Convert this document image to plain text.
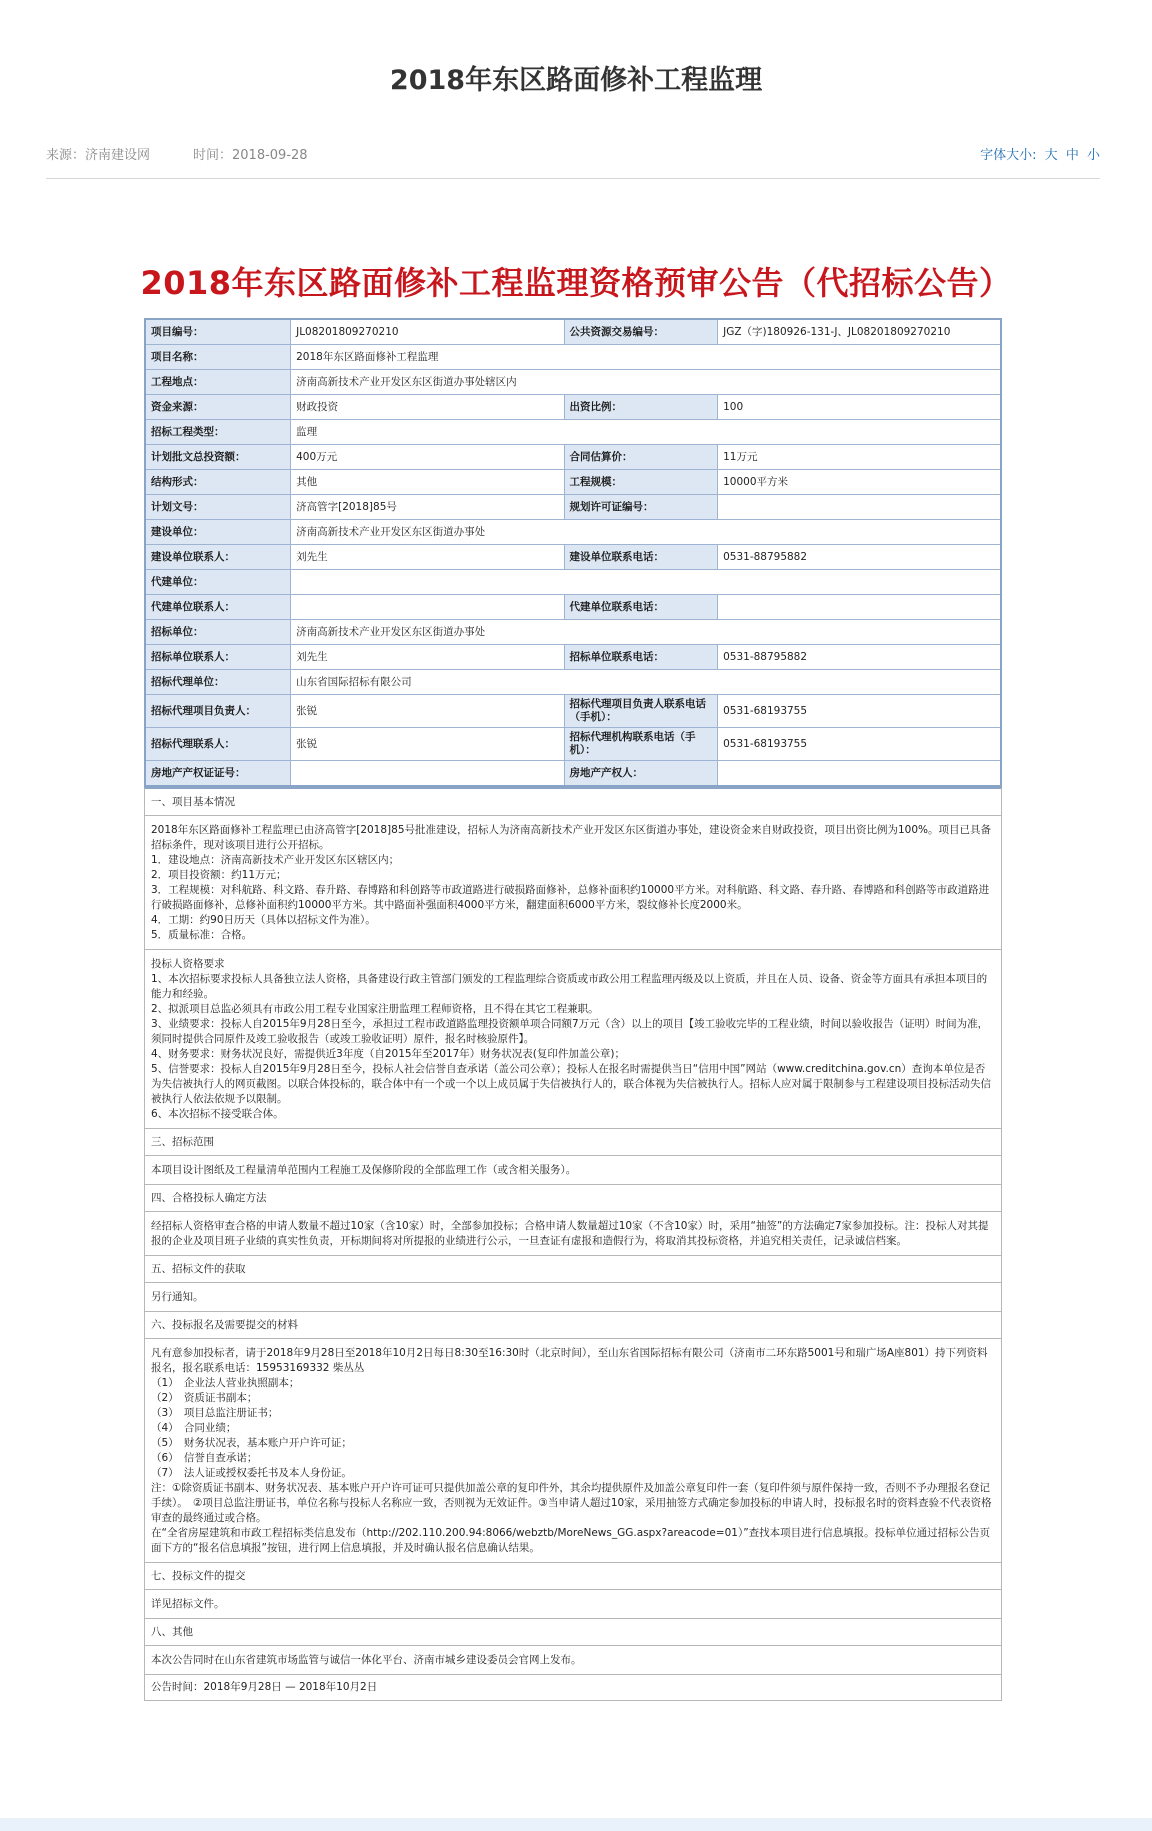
2018年东区路面修补工程监理
来源：济南建设网	时间：2018-09-28	字体大小: 大 中 小
2018年东区路面修补工程监理资格预审公告（代招标公告）
项目编号：	JL08201809270210	公共资源交易编号：	JGZ（字)180926-131-J、JL08201809270210
项目名称：	2018年东区路面修补工程监理		
工程地点：	济南高新技术产业开发区东区街道办事处辖区内		
资金来源：	财政投资	出资比例：	100
招标工程类型：	监理		
计划批文总投资额：	400万元	合同估算价：	11万元
结构形式：	其他	工程规模：	10000平方米
计划文号：	济高管字[2018]85号	规划许可证编号：	
建设单位：	济南高新技术产业开发区东区街道办事处		
建设单位联系人：	刘先生	建设单位联系电话：	0531-88795882
代建单位：			
代建单位联系人：		代建单位联系电话：	
招标单位：	济南高新技术产业开发区东区街道办事处		
招标单位联系人：	刘先生	招标单位联系电话：	0531-88795882
招标代理单位：	山东省国际招标有限公司		
招标代理项目负责人：	张锐	招标代理项目负责人联系电话（手机）：	0531-68193755
招标代理联系人：	张锐	招标代理机构联系电话（手机）：	0531-68193755
房地产产权证证号：		房地产产权人：	
一、项目基本情况

2018年东区路面修补工程监理已由济高管字[2018]85号批准建设，招标人为济南高新技术产业开发区东区街道办事处，建设资金来自财政投资，项目出资比例为100%。项目已具备招标条件，现对该项目进行公开招标。

1．建设地点：济南高新技术产业开发区东区辖区内；

2．项目投资额：约11万元；

3．工程规模：对科航路、科文路、春升路、春博路和科创路等市政道路进行破损路面修补，总修补面积约10000平方米。对科航路、科文路、春升路、春博路和科创路等市政道路进行破损路面修补，总修补面积约10000平方米。其中路面补强面积4000平方米，翻建面积6000平方米，裂纹修补长度2000米。

4．工期：约90日历天（具体以招标文件为准）。

5．质量标准：合格。

投标人资格要求

1、本次招标要求投标人具备独立法人资格，具备建设行政主管部门颁发的工程监理综合资质或市政公用工程监理丙级及以上资质，并且在人员、设备、资金等方面具有承担本项目的能力和经验。

2、拟派项目总监必须具有市政公用工程专业国家注册监理工程师资格，且不得在其它工程兼职。

3、业绩要求：投标人自2015年9月28日至今，承担过工程市政道路监理投资额单项合同额7万元（含）以上的项目【竣工验收完毕的工程业绩，时间以验收报告（证明）时间为准，须同时提供合同原件及竣工验收报告（或竣工验收证明）原件，报名时核验原件】。

4、财务要求：财务状况良好，需提供近3年度（自2015年至2017年）财务状况表(复印件加盖公章)；

5、信誉要求：投标人自2015年9月28日至今，投标人社会信誉自查承诺（盖公司公章）；投标人在报名时需提供当日“信用中国”网站（www.creditchina.gov.cn）查询本单位是否为失信被执行人的网页截图。以联合体投标的，联合体中有一个或一个以上成员属于失信被执行人的，联合体视为失信被执行人。招标人应对属于限制参与工程建设项目投标活动失信被执行人依法依规予以限制。

6、本次招标不接受联合体。

三、招标范围

本项目设计图纸及工程量清单范围内工程施工及保修阶段的全部监理工作（或含相关服务）。

四、合格投标人确定方法

经招标人资格审查合格的申请人数量不超过10家（含10家）时，全部参加投标；合格申请人数量超过10家（不含10家）时，采用“抽签”的方法确定7家参加投标。注：投标人对其提报的企业及项目班子业绩的真实性负责，开标期间将对所提报的业绩进行公示，一旦查证有虚报和造假行为，将取消其投标资格，并追究相关责任，记录诚信档案。

五、招标文件的获取

另行通知。

六、投标报名及需要提交的材料

凡有意参加投标者，请于2018年9月28日至2018年10月2日每日8:30至16:30时（北京时间），至山东省国际招标有限公司（济南市二环东路5001号和瑞广场A座801）持下列资料报名，报名联系电话：15953169332 柴丛丛

（1）　企业法人营业执照副本；

（2）　资质证书副本；

（3）　项目总监注册证书；

（4）　合同业绩；

（5）　财务状况表，基本账户开户许可证；

（6）　信誉自查承诺；

（7）　法人证或授权委托书及本人身份证。

注：①除资质证书副本、财务状况表、基本账户开户许可证可只提供加盖公章的复印件外，其余均提供原件及加盖公章复印件一套（复印件须与原件保持一致，否则不予办理报名登记手续）。　②项目总监注册证书，单位名称与投标人名称应一致，否则视为无效证件。③当申请人超过10家，采用抽签方式确定参加投标的申请人时，投标报名时的资料查验不代表资格审查的最终通过或合格。

在“全省房屋建筑和市政工程招标类信息发布（http://202.110.200.94:8066/webztb/MoreNews_GG.aspx?areacode=01）”查找本项目进行信息填报。投标单位通过招标公告页面下方的“报名信息填报”按钮，进行网上信息填报，并及时确认报名信息确认结果。

七、投标文件的提交

详见招标文件。

八、其他

本次公告同时在山东省建筑市场监管与诚信一体化平台、济南市城乡建设委员会官网上发布。

公告时间：2018年9月28日 — 2018年10月2日
